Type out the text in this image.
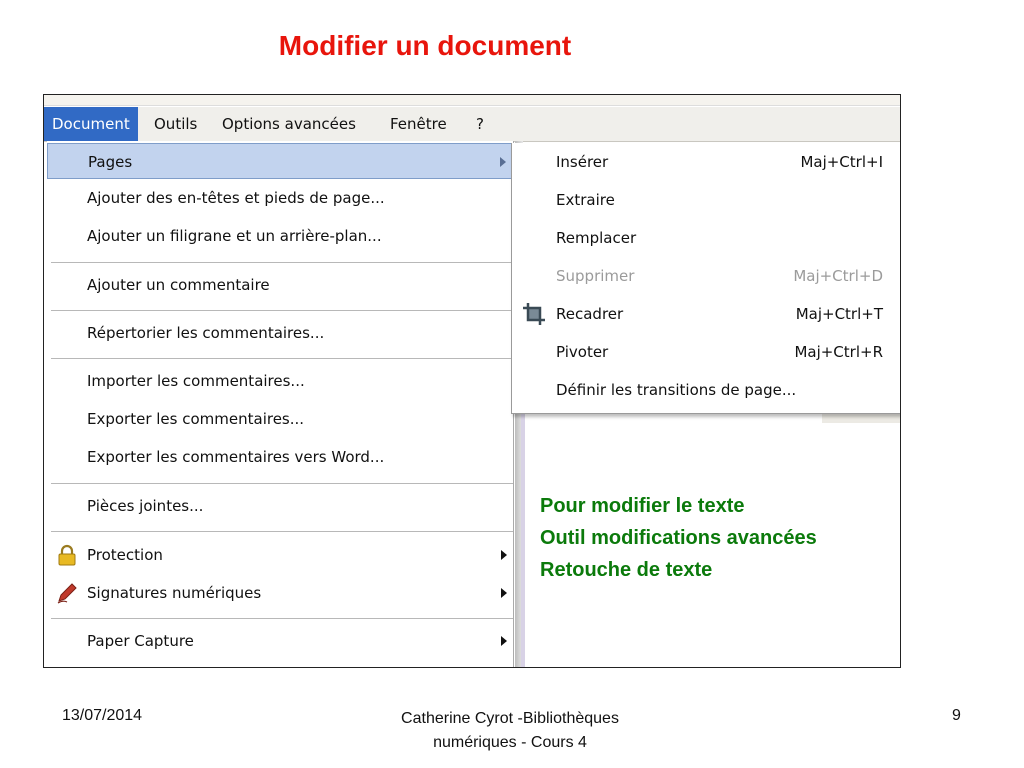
Modifier un document
Document	Outils	Options avancées	Fenêtre	?
Pages
Ajouter des en-têtes et pieds de page...
Ajouter un filigrane et un arrière-plan...
Ajouter un commentaire
Répertorier les commentaires...
Importer les commentaires...
Exporter les commentaires...
Exporter les commentaires vers Word...
Pièces jointes...
Protection
Signatures numériques
Paper Capture
Insérer	Maj+Ctrl+I
Extraire
Remplacer
Supprimer	Maj+Ctrl+D
Recadrer	Maj+Ctrl+T
Pivoter	Maj+Ctrl+R
Définir les transitions de page...
Pour modifier le texte
Outil modifications avancées
Retouche de texte
13/07/2014	Catherine Cyrot -Bibliothèques
numériques - Cours 4
9
